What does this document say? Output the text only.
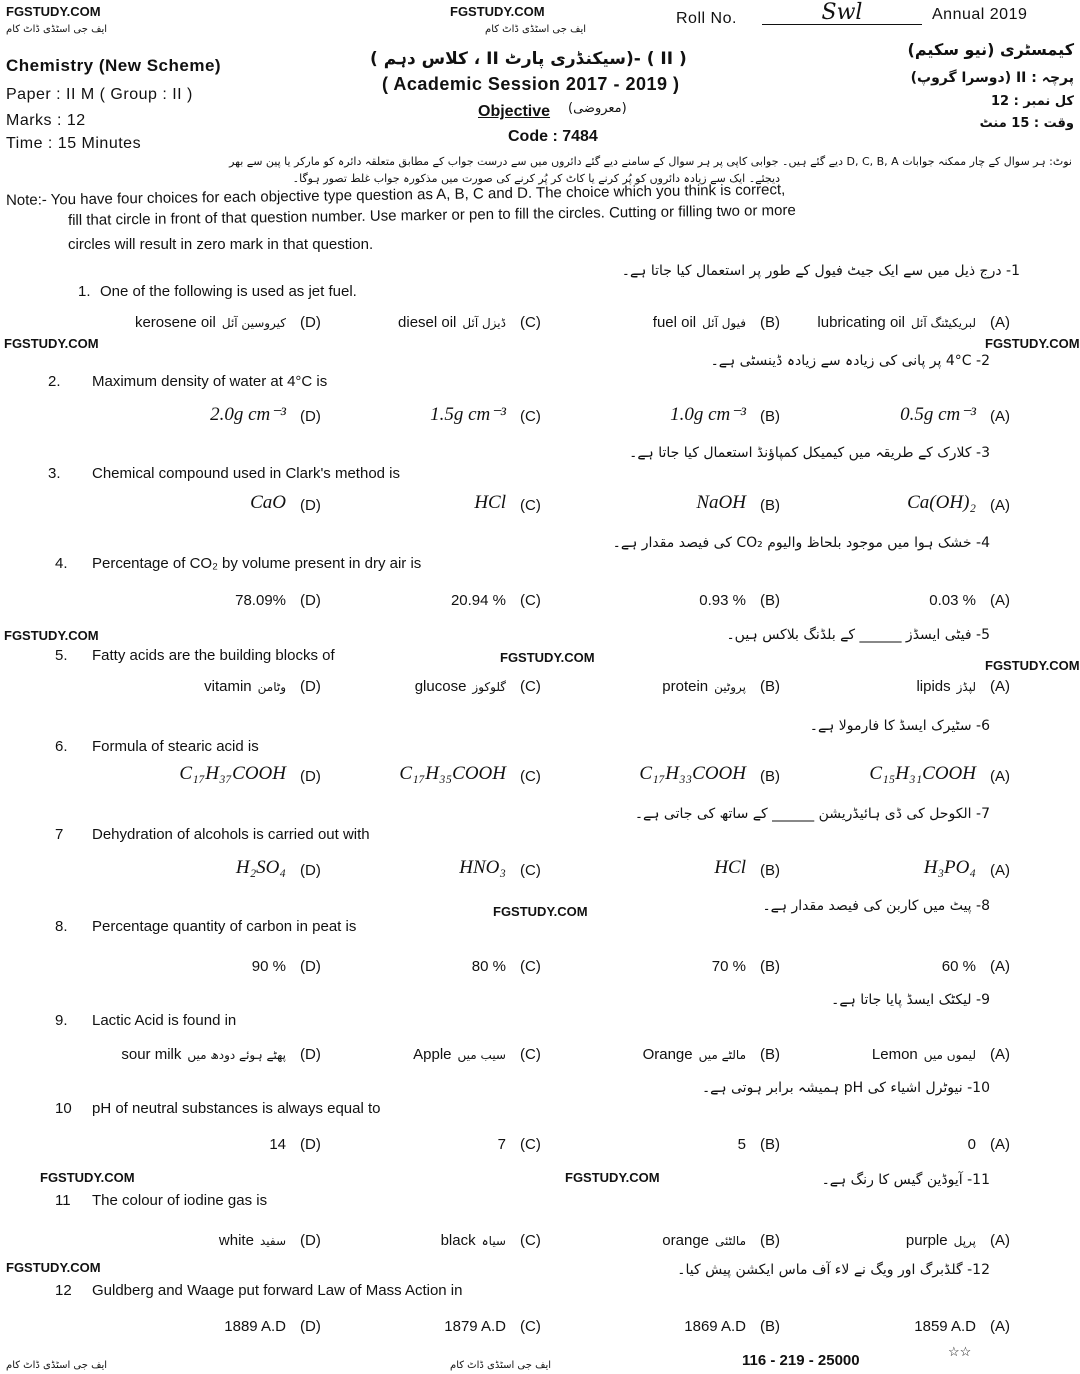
FGSTUDY.COM	FGSTUDY.COM
ایف جی اسٹڈی ڈاٹ کام	ایف جی اسٹڈی ڈاٹ کام
FGSTUDY.COM	FGSTUDY.COM
FGSTUDY.COM
FGSTUDY.COM
FGSTUDY.COM
FGSTUDY.COM
FGSTUDY.COM	FGSTUDY.COM
FGSTUDY.COM
Roll No.	Swl	Annual 2019
Chemistry (New Scheme)
Paper : II M ( Group : II )
Marks : 12
Time : 15 Minutes
( II ) -(سیکنڈری پارٹ II ، کلاس دہم )
( Academic Session 2017 - 2019 )
Objective (معروضی)
Code : 7484
کیمسٹری (نیو سکیم)
پرچہ : II (دوسرا گروپ)
کل نمبر : 12
وقت : 15 منٹ
نوٹ: ہر سوال کے چار ممکنہ جوابات D, C, B, A دیے گئے ہیں۔ جوابی کاپی پر ہر سوال کے سامنے دیے گئے دائروں میں سے درست جواب کے مطابق متعلقہ دائرہ کو مارکر یا پین سے بھر
دیجئے۔ ایک سے زیادہ دائروں کو پُر کرنے یا کاٹ کر پُر کرنے کی صورت میں مذکورہ جواب غلط تصور ہوگا۔
Note:- You have four choices for each objective type question as A, B, C and D. The choice which you think is correct,
fill that circle in front of that question number. Use marker or pen to fill the circles. Cutting or filling two or more
circles will result in zero mark in that question.
1. One of the following is used as jet fuel.
1- درج ذیل میں سے ایک جیٹ فیول کے طور پر استعمال کیا جاتا ہے۔
(A)
lubricating oil لبریکیٹنگ آئل
(B)
fuel oil فیول آئل
(C)
diesel oil ڈیزل آئل
(D)
kerosene oil کیروسین آئل
2. Maximum density of water at 4°C is
2- 4°C پر پانی کی زیادہ سے زیادہ ڈینسٹی ہے۔
(A)
0.5g cm⁻³
(B)
1.0g cm⁻³
(C)
1.5g cm⁻³
(D)
2.0g cm⁻³
3. Chemical compound used in Clark's method is
3- کلارک کے طریقہ میں کیمیکل کمپاؤنڈ استعمال کیا جاتا ہے۔
(A)
Ca(OH)₂
(B)
NaOH
(C)
HCl
(D)
CaO
4. Percentage of CO₂ by volume present in dry air is
4- خشک ہوا میں موجود بلحاظ والیوم CO₂ کی فیصد مقدار ہے۔
(A)
0.03 %
(B)
0.93 %
(C)
20.94 %
(D)
78.09%
5. Fatty acids are the building blocks of
5- فیٹی ایسڈز ______ کے بلڈنگ بلاکس ہیں۔
(A)
lipids لپڈز
(B)
protein پروٹین
(C)
glucose گلوکوز
(D)
vitamin وٹامن
6. Formula of stearic acid is
6- سٹیرک ایسڈ کا فارمولا ہے۔
(A)
C₁₅H₃₁COOH
(B)
C₁₇H₃₃COOH
(C)
C₁₇H₃₅COOH
(D)
C₁₇H₃₇COOH
7 Dehydration of alcohols is carried out with
7- الکوحل کی ڈی ہائیڈریشن ______ کے ساتھ کی جاتی ہے۔
(A)
H₃PO₄
(B)
HCl
(C)
HNO₃
(D)
H₂SO₄
8. Percentage quantity of carbon in peat is
8- پیٹ میں کاربن کی فیصد مقدار ہے۔
(A)
60 %
(B)
70 %
(C)
80 %
(D)
90 %
9. Lactic Acid is found in
9- لیکٹک ایسڈ پایا جاتا ہے۔
(A)
Lemon لیموں میں
(B)
Orange مالٹے میں
(C)
Apple سیب میں
(D)
sour milk پھٹے ہوئے دودھ میں
10 pH of neutral substances is always equal to
10- نیوٹرل اشیاء کی pH ہمیشہ برابر ہوتی ہے۔
(A)
0
(B)
5
(C)
7
(D)
14
11 The colour of iodine gas is
11- آیوڈین گیس کا رنگ ہے۔
(A)
purple پرپل
(B)
orange مالٹئی
(C)
black سیاہ
(D)
white سفید
12 Guldberg and Waage put forward Law of Mass Action in
12- گلڈبرگ اور ویگ نے لاء آف ماس ایکشن پیش کیا۔
(A)
1859 A.D
(B)
1869 A.D
(C)
1879 A.D
(D)
1889 A.D
116 - 219 - 25000
☆☆
ایف جی اسٹڈی ڈاٹ کام	ایف جی اسٹڈی ڈاٹ کام
